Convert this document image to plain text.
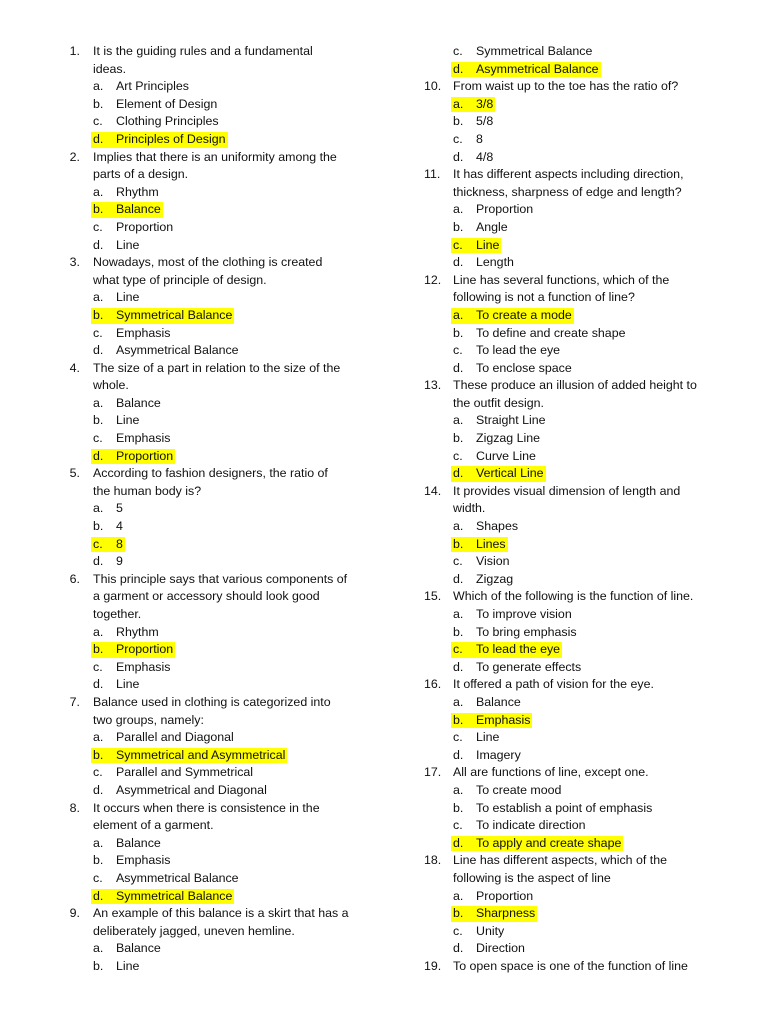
1. It is the guiding rules and a fundamental
ideas.
a. Art Principles
b. Element of Design
c. Clothing Principles
d. Principles of Design
2. Implies that there is an uniformity among the
parts of a design.
a. Rhythm
b. Balance
c. Proportion
d. Line
3. Nowadays, most of the clothing is created
what type of principle of design.
a. Line
b. Symmetrical Balance
c. Emphasis
d. Asymmetrical Balance
4. The size of a part in relation to the size of the
whole.
a. Balance
b. Line
c. Emphasis
d. Proportion
5. According to fashion designers, the ratio of
the human body is?
a. 5
b. 4
c. 8
d. 9
6. This principle says that various components of
a garment or accessory should look good
together.
a. Rhythm
b. Proportion
c. Emphasis
d. Line
7. Balance used in clothing is categorized into
two groups, namely:
a. Parallel and Diagonal
b. Symmetrical and Asymmetrical
c. Parallel and Symmetrical
d. Asymmetrical and Diagonal
8. It occurs when there is consistence in the
element of a garment.
a. Balance
b. Emphasis
c. Asymmetrical Balance
d. Symmetrical Balance
9. An example of this balance is a skirt that has a
deliberately jagged, uneven hemline.
a. Balance
b. Line
c. Symmetrical Balance
d. Asymmetrical Balance
10. From waist up to the toe has the ratio of?
a. 3/8
b. 5/8
c. 8
d. 4/8
11. It has different aspects including direction,
thickness, sharpness of edge and length?
a. Proportion
b. Angle
c. Line
d. Length
12. Line has several functions, which of the
following is not a function of line?
a. To create a mode
b. To define and create shape
c. To lead the eye
d. To enclose space
13. These produce an illusion of added height to
the outfit design.
a. Straight Line
b. Zigzag Line
c. Curve Line
d. Vertical Line
14. It provides visual dimension of length and
width.
a. Shapes
b. Lines
c. Vision
d. Zigzag
15. Which of the following is the function of line.
a. To improve vision
b. To bring emphasis
c. To lead the eye
d. To generate effects
16. It offered a path of vision for the eye.
a. Balance
b. Emphasis
c. Line
d. Imagery
17. All are functions of line, except one.
a. To create mood
b. To establish a point of emphasis
c. To indicate direction
d. To apply and create shape
18. Line has different aspects, which of the
following is the aspect of line
a. Proportion
b. Sharpness
c. Unity
d. Direction
19. To open space is one of the function of line
